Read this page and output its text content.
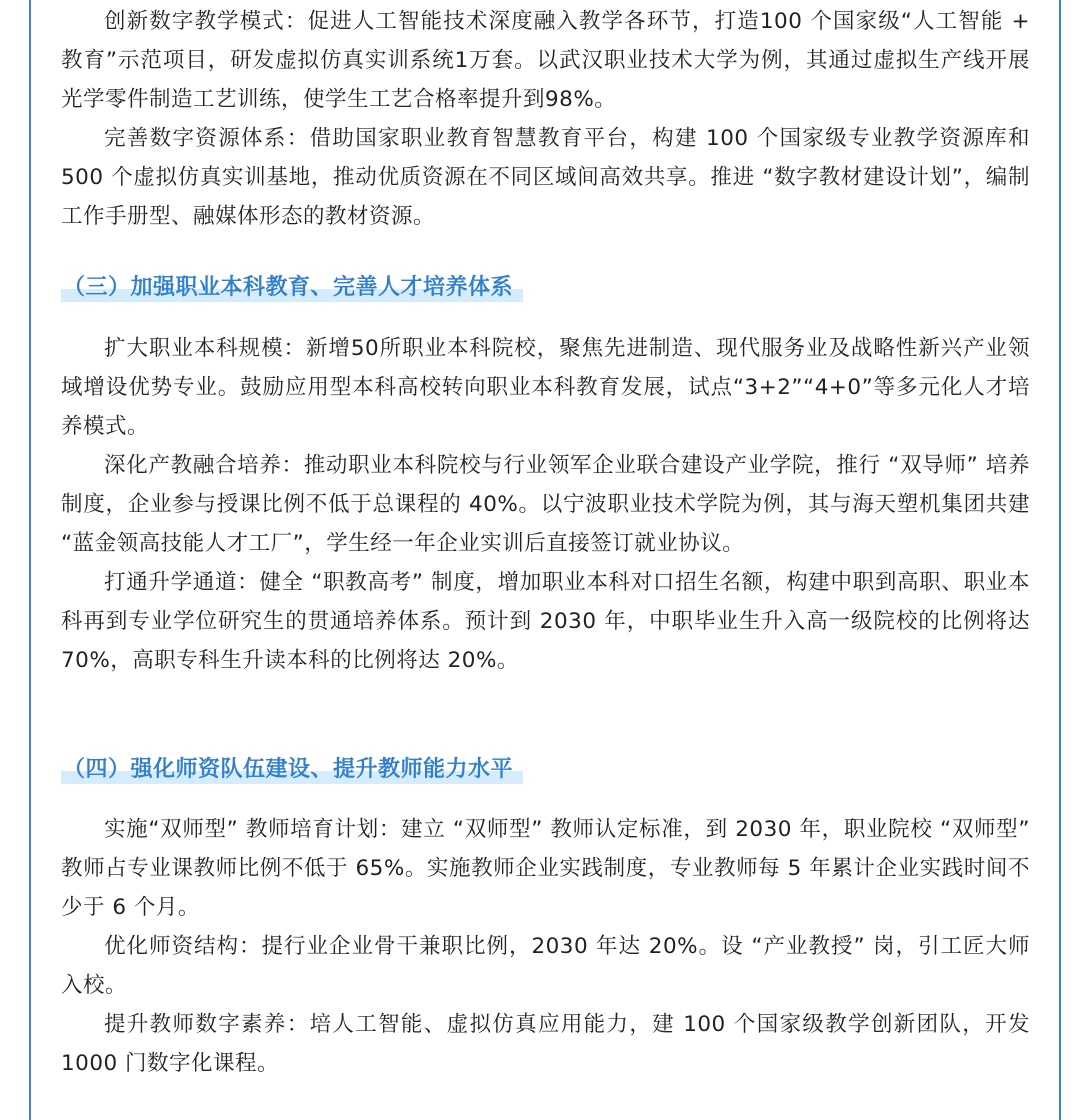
创新数字教学模式：促进人工智能技术深度融入教学各环节，打造100 个国家级“人工智能 + 教育”示范项目，研发虚拟仿真实训系统1万套。以武汉职业技术大学为例，其通过虚拟生产线开展光学零件制造工艺训练，使学生工艺合格率提升到98%。

完善数字资源体系：借助国家职业教育智慧教育平台，构建 100 个国家级专业教学资源库和 500 个虚拟仿真实训基地，推动优质资源在不同区域间高效共享。推进 “数字教材建设计划”，编制工作手册型、融媒体形态的教材资源。

（三）加强职业本科教育、完善人才培养体系

扩大职业本科规模：新增50所职业本科院校，聚焦先进制造、现代服务业及战略性新兴产业领域增设优势专业。鼓励应用型本科高校转向职业本科教育发展，试点“3+2”“4+0”等多元化人才培养模式。

深化产教融合培养：推动职业本科院校与行业领军企业联合建设产业学院，推行 “双导师” 培养制度，企业参与授课比例不低于总课程的 40%。以宁波职业技术学院为例，其与海天塑机集团共建 “蓝金领高技能人才工厂”，学生经一年企业实训后直接签订就业协议。

打通升学通道：健全 “职教高考” 制度，增加职业本科对口招生名额，构建中职到高职、职业本科再到专业学位研究生的贯通培养体系。预计到 2030 年，中职毕业生升入高一级院校的比例将达 70%，高职专科生升读本科的比例将达 20%。

（四）强化师资队伍建设、提升教师能力水平

实施“双师型” 教师培育计划：建立 “双师型” 教师认定标准，到 2030 年，职业院校 “双师型” 教师占专业课教师比例不低于 65%。实施教师企业实践制度，专业教师每 5 年累计企业实践时间不少于 6 个月。

优化师资结构：提行业企业骨干兼职比例，2030 年达 20%。设 “产业教授” 岗，引工匠大师入校。

提升教师数字素养：培人工智能、虚拟仿真应用能力，建 100 个国家级教学创新团队，开发 1000 门数字化课程。
